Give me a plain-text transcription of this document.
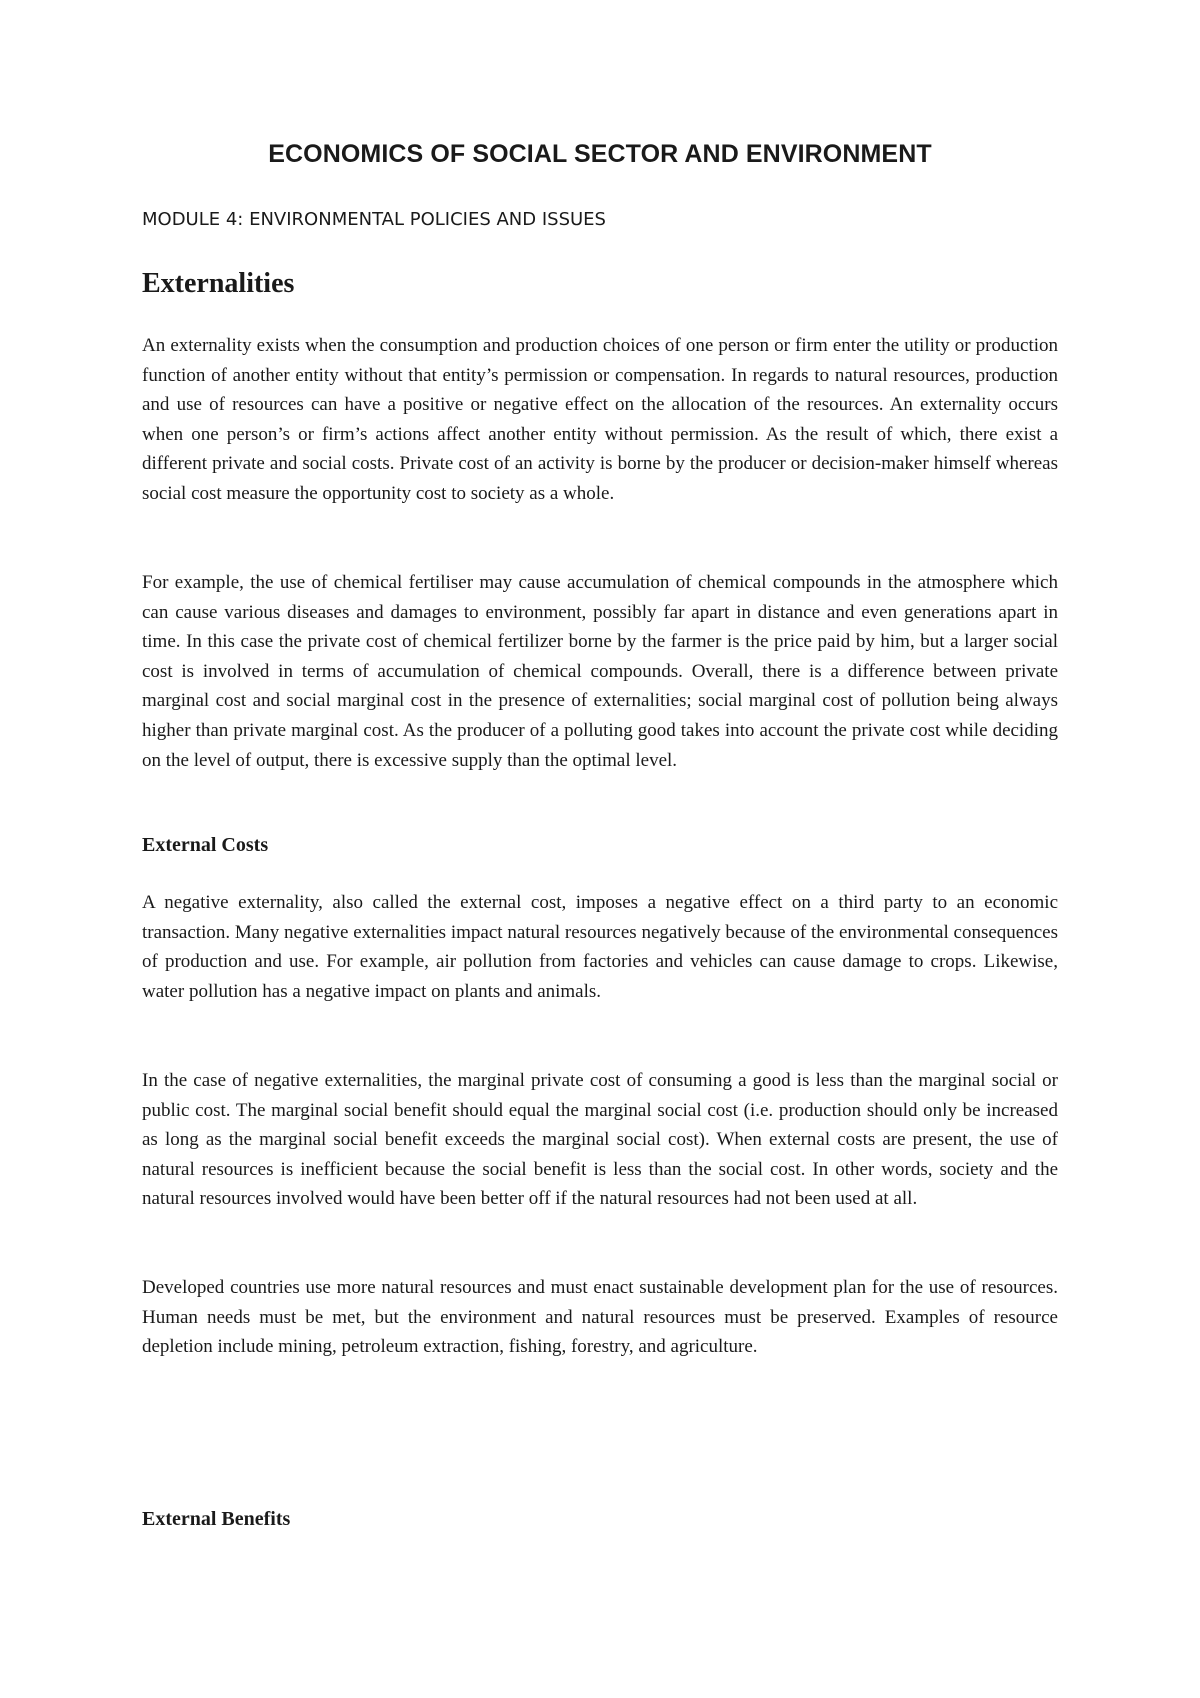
ECONOMICS OF SOCIAL SECTOR AND ENVIRONMENT

MODULE 4: ENVIRONMENTAL POLICIES AND ISSUES

Externalities

An externality exists when the consumption and production choices of one person or firm enter the utility or production function of another entity without that entity’s permission or compensation. In regards to natural resources, production and use of resources can have a positive or negative effect on the allocation of the resources. An externality occurs when one person’s or firm’s actions affect another entity without permission. As the result of which, there exist a different private and social costs. Private cost of an activity is borne by the producer or decision-maker himself whereas social cost measure the opportunity cost to society as a whole.

For example, the use of chemical fertiliser may cause accumulation of chemical compounds in the atmosphere which can cause various diseases and damages to environment, possibly far apart in distance and even generations apart in time. In this case the private cost of chemical fertilizer borne by the farmer is the price paid by him, but a larger social cost is involved in terms of accumulation of chemical compounds. Overall, there is a difference between private marginal cost and social marginal cost in the presence of externalities; social marginal cost of pollution being always higher than private marginal cost. As the producer of a polluting good takes into account the private cost while deciding on the level of output, there is excessive supply than the optimal level.

External Costs

A negative externality, also called the external cost, imposes a negative effect on a third party to an economic transaction. Many negative externalities impact natural resources negatively because of the environmental consequences of production and use. For example, air pollution from factories and vehicles can cause damage to crops. Likewise, water pollution has a negative impact on plants and animals.

In the case of negative externalities, the marginal private cost of consuming a good is less than the marginal social or public cost. The marginal social benefit should equal the marginal social cost (i.e. production should only be increased as long as the marginal social benefit exceeds the marginal social cost). When external costs are present, the use of natural resources is inefficient because the social benefit is less than the social cost. In other words, society and the natural resources involved would have been better off if the natural resources had not been used at all.

Developed countries use more natural resources and must enact sustainable development plan for the use of resources. Human needs must be met, but the environment and natural resources must be preserved. Examples of resource depletion include mining, petroleum extraction, fishing, forestry, and agriculture.

External Benefits
